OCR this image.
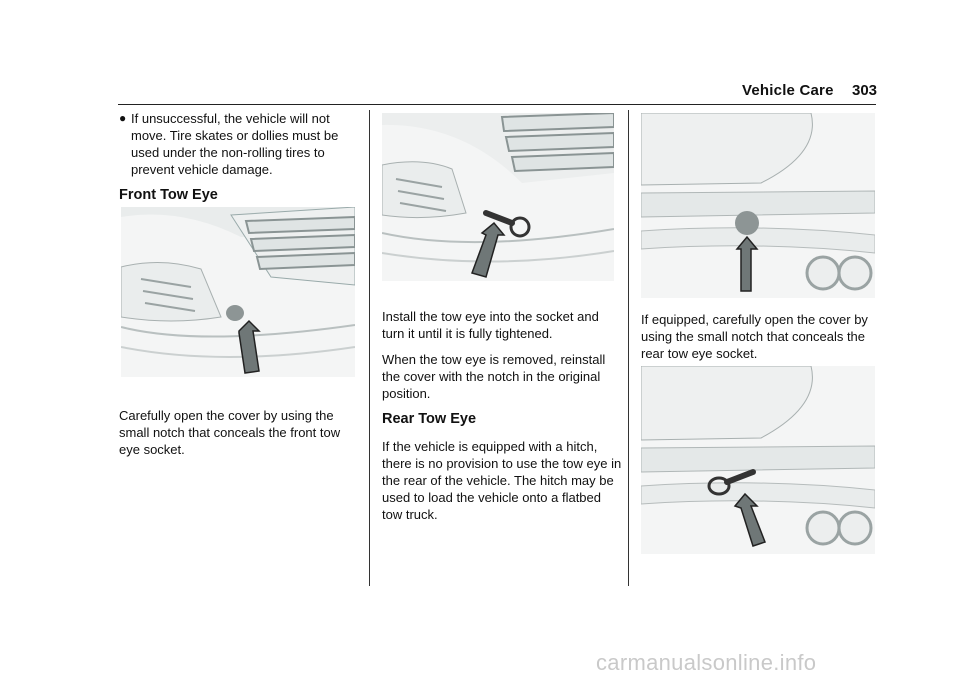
Vehicle Care 303

● If unsuccessful, the vehicle will not move. Tire skates or dollies must be used under the non-rolling tires to prevent vehicle damage.

Front Tow Eye

Carefully open the cover by using the small notch that conceals the front tow eye socket.

Install the tow eye into the socket and turn it until it is fully tightened.

When the tow eye is removed, reinstall the cover with the notch in the original position.

Rear Tow Eye

If the vehicle is equipped with a hitch, there is no provision to use the tow eye in the rear of the vehicle. The hitch may be used to load the vehicle onto a flatbed tow truck.

If equipped, carefully open the cover by using the small notch that conceals the rear tow eye socket.

carmanualsonline.info
